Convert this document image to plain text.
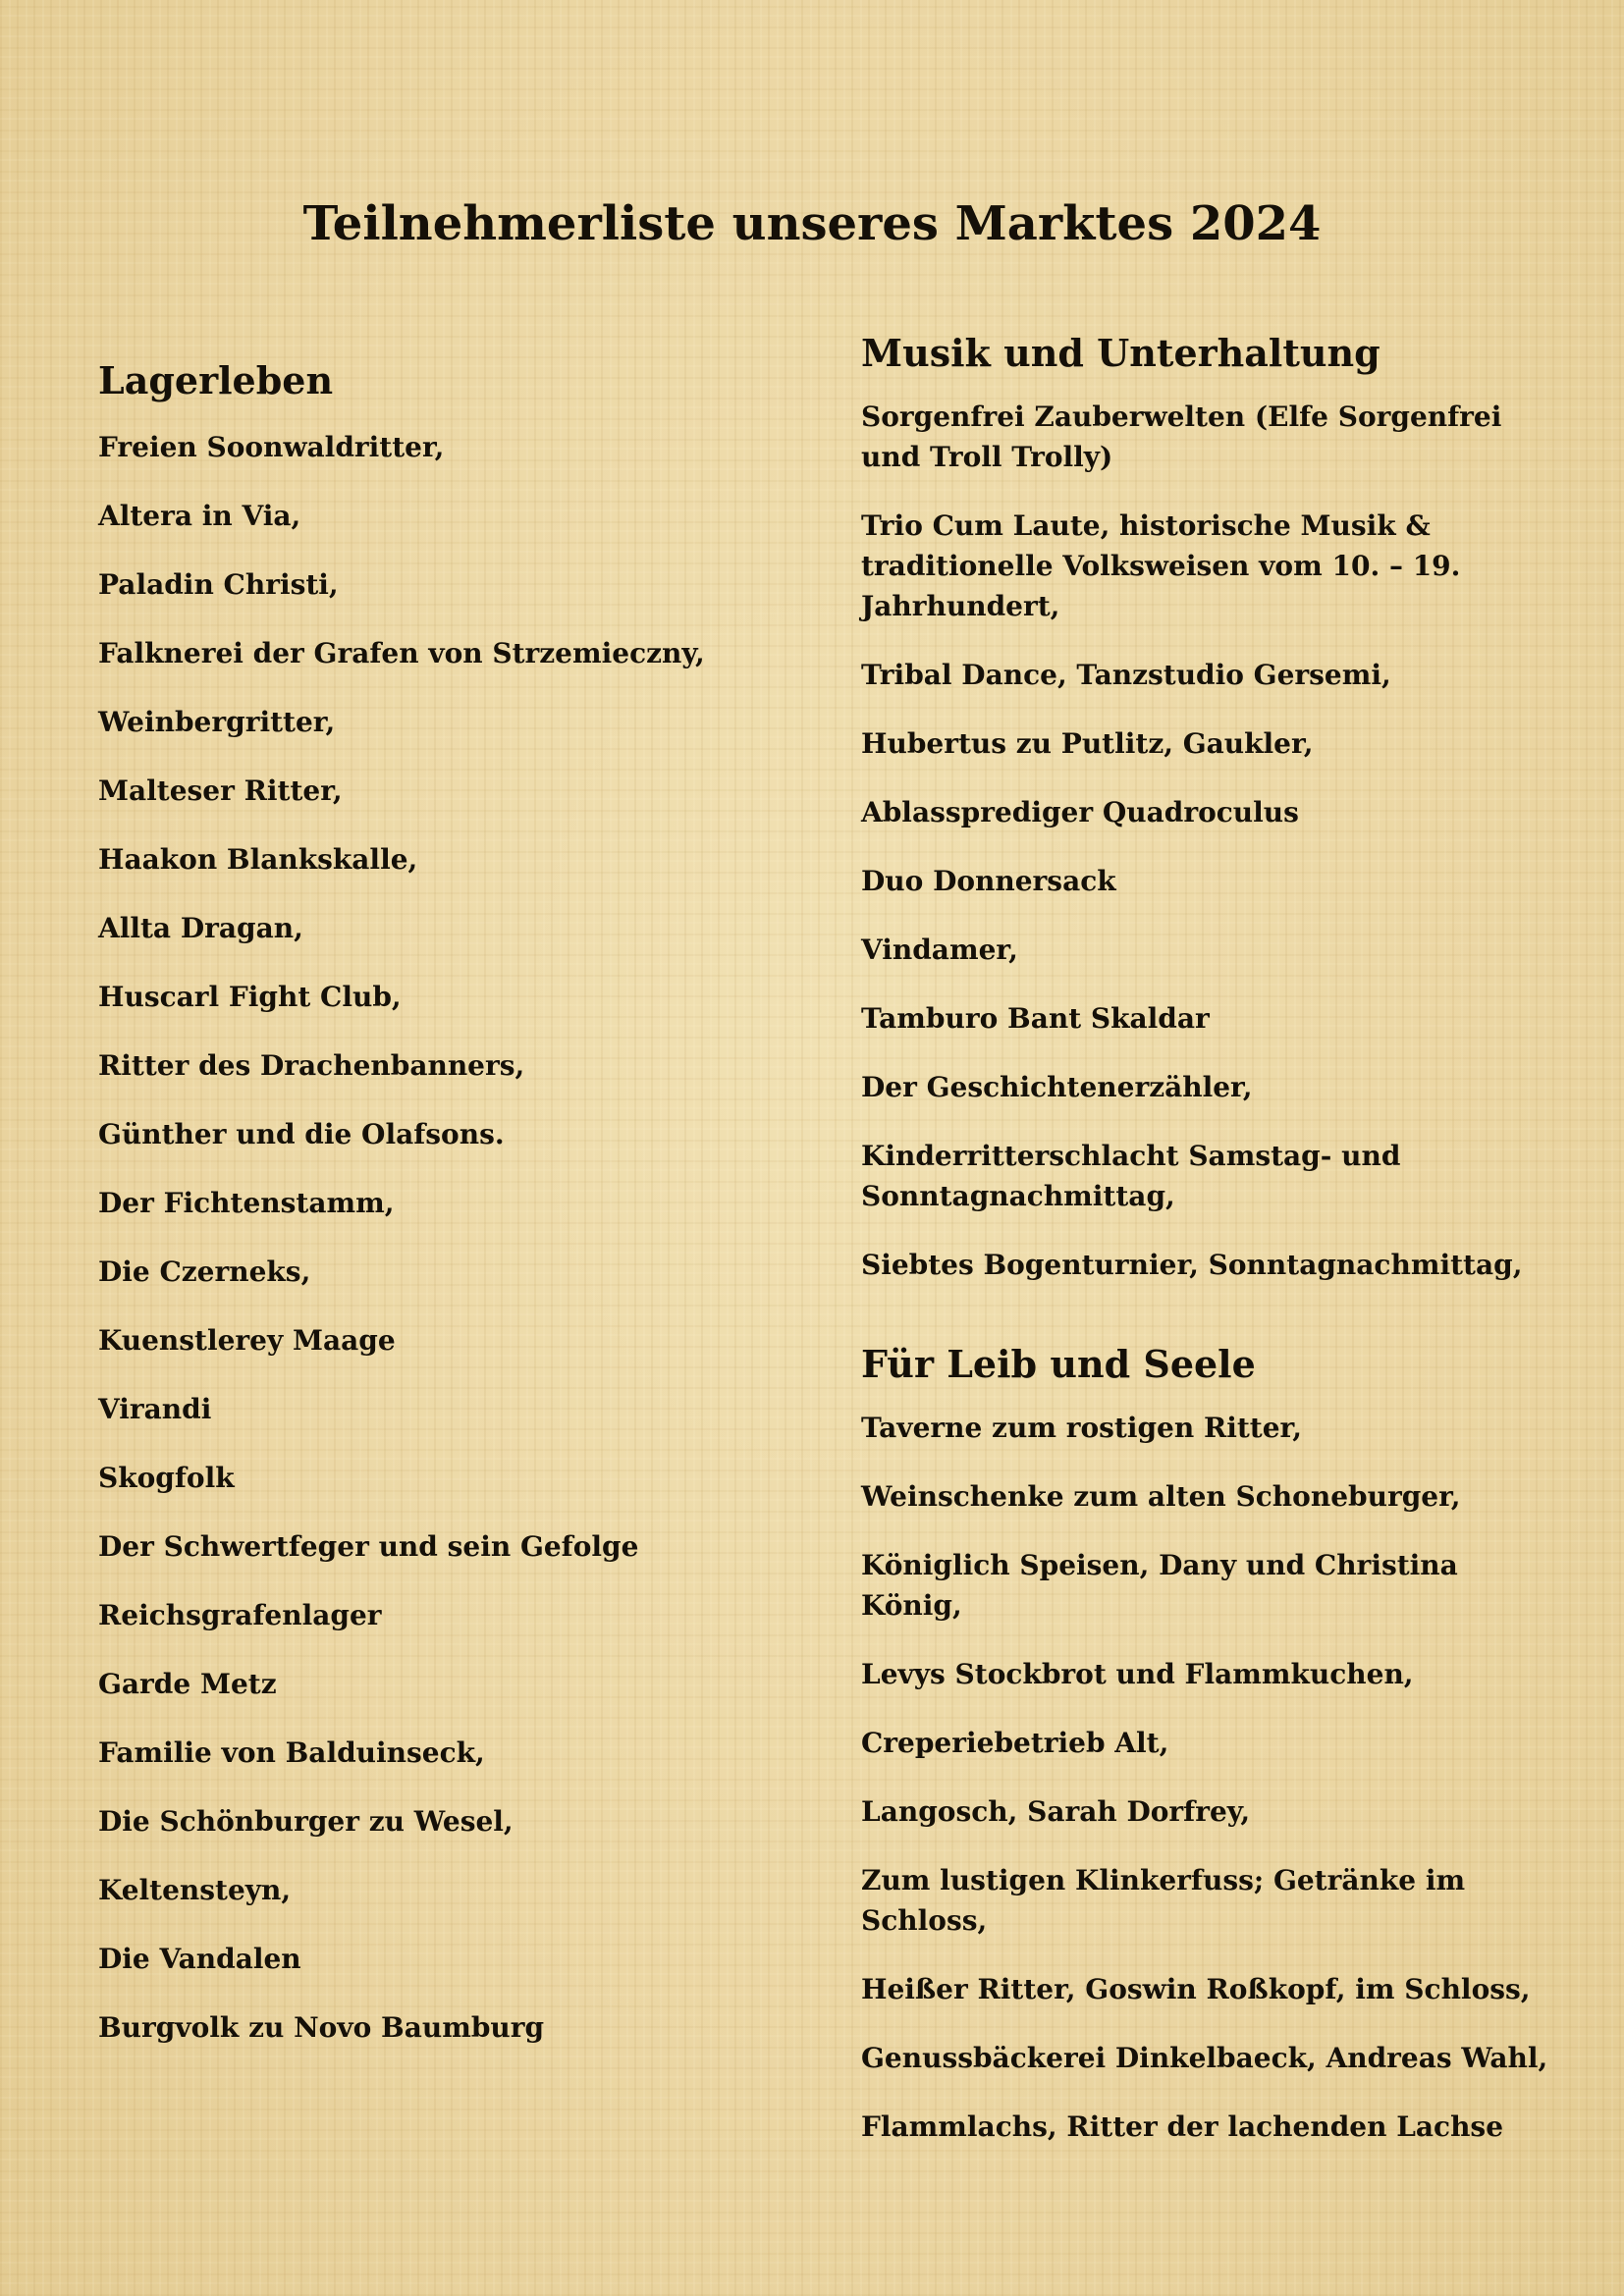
Teilnehmerliste unseres Marktes 2024
Lagerleben
Freien Soonwaldritter,
Altera in Via,
Paladin Christi,
Falknerei der Grafen von Strzemieczny,
Weinbergritter,
Malteser Ritter,
Haakon Blankskalle,
Allta Dragan,
Huscarl Fight Club,
Ritter des Drachenbanners,
Günther und die Olafsons.
Der Fichtenstamm,
Die Czerneks,
Kuenstlerey Maage
Virandi
Skogfolk
Der Schwertfeger und sein Gefolge
Reichsgrafenlager
Garde Metz
Familie von Balduinseck,
Die Schönburger zu Wesel,
Keltensteyn,
Die Vandalen
Burgvolk zu Novo Baumburg
Musik und Unterhaltung
Sorgenfrei Zauberwelten (Elfe Sorgenfrei und Troll Trolly)
Trio Cum Laute, historische Musik & traditionelle Volksweisen vom 10. – 19. Jahrhundert,
Tribal Dance, Tanzstudio Gersemi,
Hubertus zu Putlitz, Gaukler,
Ablassprediger Quadroculus
Duo Donnersack
Vindamer,
Tamburo Bant Skaldar
Der Geschichtenerzähler,
Kinderritterschlacht Samstag- und Sonntagnachmittag,
Siebtes Bogenturnier, Sonntagnachmittag,
Für Leib und Seele
Taverne zum rostigen Ritter,
Weinschenke zum alten Schoneburger,
Königlich Speisen, Dany und Christina König,
Levys Stockbrot und Flammkuchen,
Creperiebetrieb Alt,
Langosch, Sarah Dorfrey,
Zum lustigen Klinkerfuss; Getränke im Schloss,
Heißer Ritter, Goswin Roßkopf, im Schloss,
Genussbäckerei Dinkelbaeck, Andreas Wahl,
Flammlachs, Ritter der lachenden Lachse
